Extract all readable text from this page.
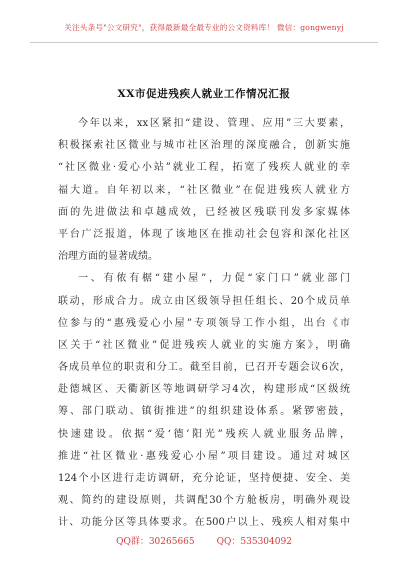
关注头条号"公文研究"，获得最新最全最专业的公文资料库！ 微信：gongwenyj
XX市促进残疾人就业工作情况汇报
今年以来，xx区紧扣“建设、管理、应用”三大要素，
积极探索社区微业与城市社区治理的深度融合，创新实施
“社区微业·爱心小站”就业工程，拓宽了残疾人就业的幸
福大道。自年初以来，“社区微业”在促进残疾人就业方
面的先进做法和卓越成效，已经被区残联刊发多家媒体
平台广泛报道，体现了该地区在推动社会包容和深化社区
治理方面的显著成绩。
一、有侬有椐“建小屋”，力促“家门口”就业部门
联动，形成合力。成立由区级领导担任组长、20个成员单
位参与的“惠残爱心小屋”专项领导工作小组，出台《市
区关于“社区微业”促进残疾人就业的实施方案》，明确
各成员单位的职责和分工。截至目前，已召开专题会议6次，
赴德城区、天衢新区等地调研学习4次，构建形成“区级统
筹、部门联动、镇街推进”的组织建设体系。紧锣密鼓，
快速建设。依据“爱‘德’阳光”残疾人就业服务品牌，
推进“社区微业·惠残爱心小屋”项目建设。通过对城区
124个小区进行走访调研，充分论证，坚持便捷、安全、美
观、简约的建设原则，共调配30个方舱板房，明确外观设
计、功能分区等具体要求。在500户以上、残疾人相对集中
QQ群：30265665 QQ：535304092
